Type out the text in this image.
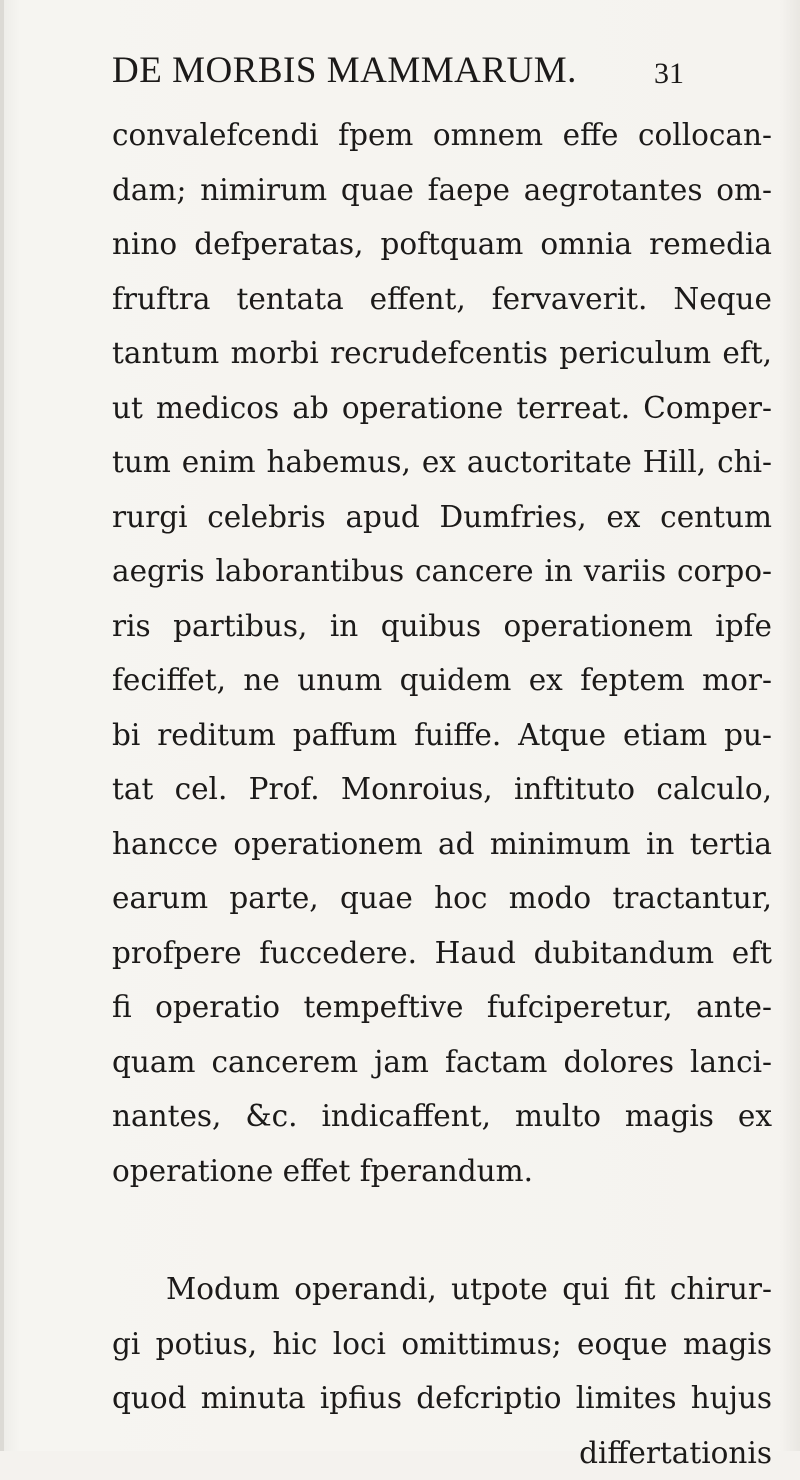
DE MORBIS MAMMARUM.	31
convalefcendi fpem omnem effe collocan-
dam; nimirum quae faepe aegrotantes om-
nino defperatas, poftquam omnia remedia
fruftra tentata effent, fervaverit. Neque
tantum morbi recrudefcentis periculum eft,
ut medicos ab operatione terreat. Comper-
tum enim habemus, ex auctoritate Hill, chi-
rurgi celebris apud Dumfries, ex centum
aegris laborantibus cancere in variis corpo-
ris partibus, in quibus operationem ipfe
feciffet, ne unum quidem ex feptem mor-
bi reditum paffum fuiffe. Atque etiam pu-
tat cel. Prof. Monroius, inftituto calculo,
hancce operationem ad minimum in tertia
earum parte, quae hoc modo tractantur,
profpere fuccedere. Haud dubitandum eft
fi operatio tempeftive fufciperetur, ante-
quam cancerem jam factam dolores lanci-
nantes, &c. indicaffent, multo magis ex
operatione effet fperandum.
Modum operandi, utpote qui fit chirur-
gi potius, hic loci omittimus; eoque magis
quod minuta ipfius defcriptio limites hujus
differtationis
